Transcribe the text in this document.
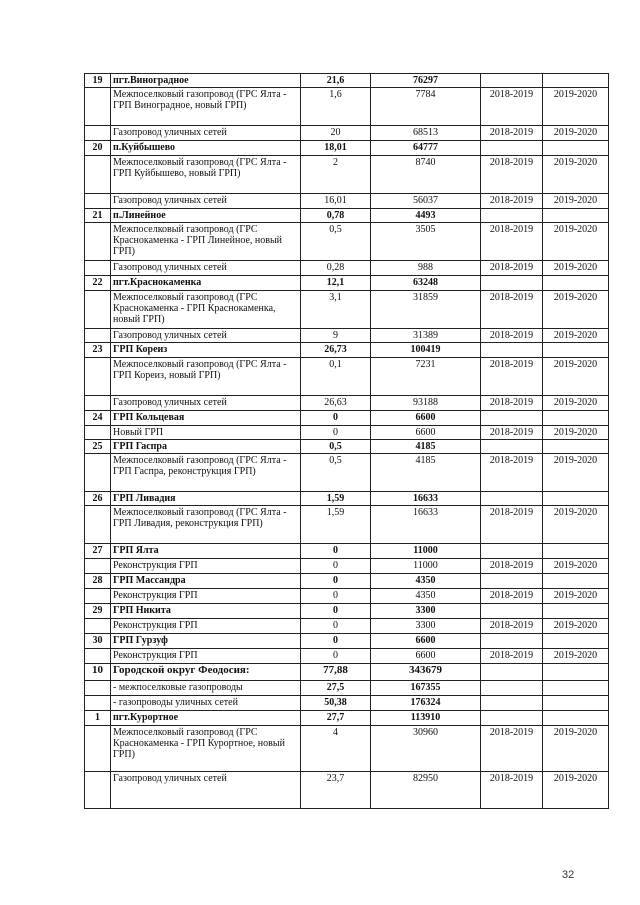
19	пгт.Виноградное	21,6	76297		
	Межпоселковый газопровод (ГРС Ялта - ГРП Виноградное, новый ГРП)	1,6	7784	2018-2019	2019-2020
	Газопровод уличных сетей	20	68513	2018-2019	2019-2020
20	п.Куйбышево	18,01	64777		
	Межпоселковый газопровод (ГРС Ялта - ГРП Куйбышево, новый ГРП)	2	8740	2018-2019	2019-2020
	Газопровод уличных сетей	16,01	56037	2018-2019	2019-2020
21	п.Линейное	0,78	4493		
	Межпоселковый газопровод (ГРС Краснокаменка - ГРП Линейное, новый ГРП)	0,5	3505	2018-2019	2019-2020
	Газопровод уличных сетей	0,28	988	2018-2019	2019-2020
22	пгт.Краснокаменка	12,1	63248		
	Межпоселковый газопровод (ГРС Краснокаменка - ГРП Краснокаменка, новый ГРП)	3,1	31859	2018-2019	2019-2020
	Газопровод уличных сетей	9	31389	2018-2019	2019-2020
23	ГРП Кореиз	26,73	100419		
	Межпоселковый газопровод (ГРС Ялта - ГРП Кореиз, новый ГРП)	0,1	7231	2018-2019	2019-2020
	Газопровод уличных сетей	26,63	93188	2018-2019	2019-2020
24	ГРП Кольцевая	0	6600		
	Новый ГРП	0	6600	2018-2019	2019-2020
25	ГРП Гаспра	0,5	4185		
	Межпоселковый газопровод (ГРС Ялта - ГРП Гаспра, реконструкция ГРП)	0,5	4185	2018-2019	2019-2020
26	ГРП Ливадия	1,59	16633		
	Межпоселковый газопровод (ГРС Ялта - ГРП Ливадия, реконструкция ГРП)	1,59	16633	2018-2019	2019-2020
27	ГРП Ялта	0	11000		
	Реконструкция ГРП	0	11000	2018-2019	2019-2020
28	ГРП Массандра	0	4350		
	Реконструкция ГРП	0	4350	2018-2019	2019-2020
29	ГРП Никита	0	3300		
	Реконструкция ГРП	0	3300	2018-2019	2019-2020
30	ГРП Гурзуф	0	6600		
	Реконструкция ГРП	0	6600	2018-2019	2019-2020
10	Городской округ Феодосия:	77,88	343679		
	- межпоселковые газопроводы	27,5	167355		
	- газопроводы уличных сетей	50,38	176324		
1	пгт.Курортное	27,7	113910		
	Межпоселковый газопровод (ГРС Краснокаменка - ГРП Курортное, новый ГРП)	4	30960	2018-2019	2019-2020
	Газопровод уличных сетей	23,7	82950	2018-2019	2019-2020
32
